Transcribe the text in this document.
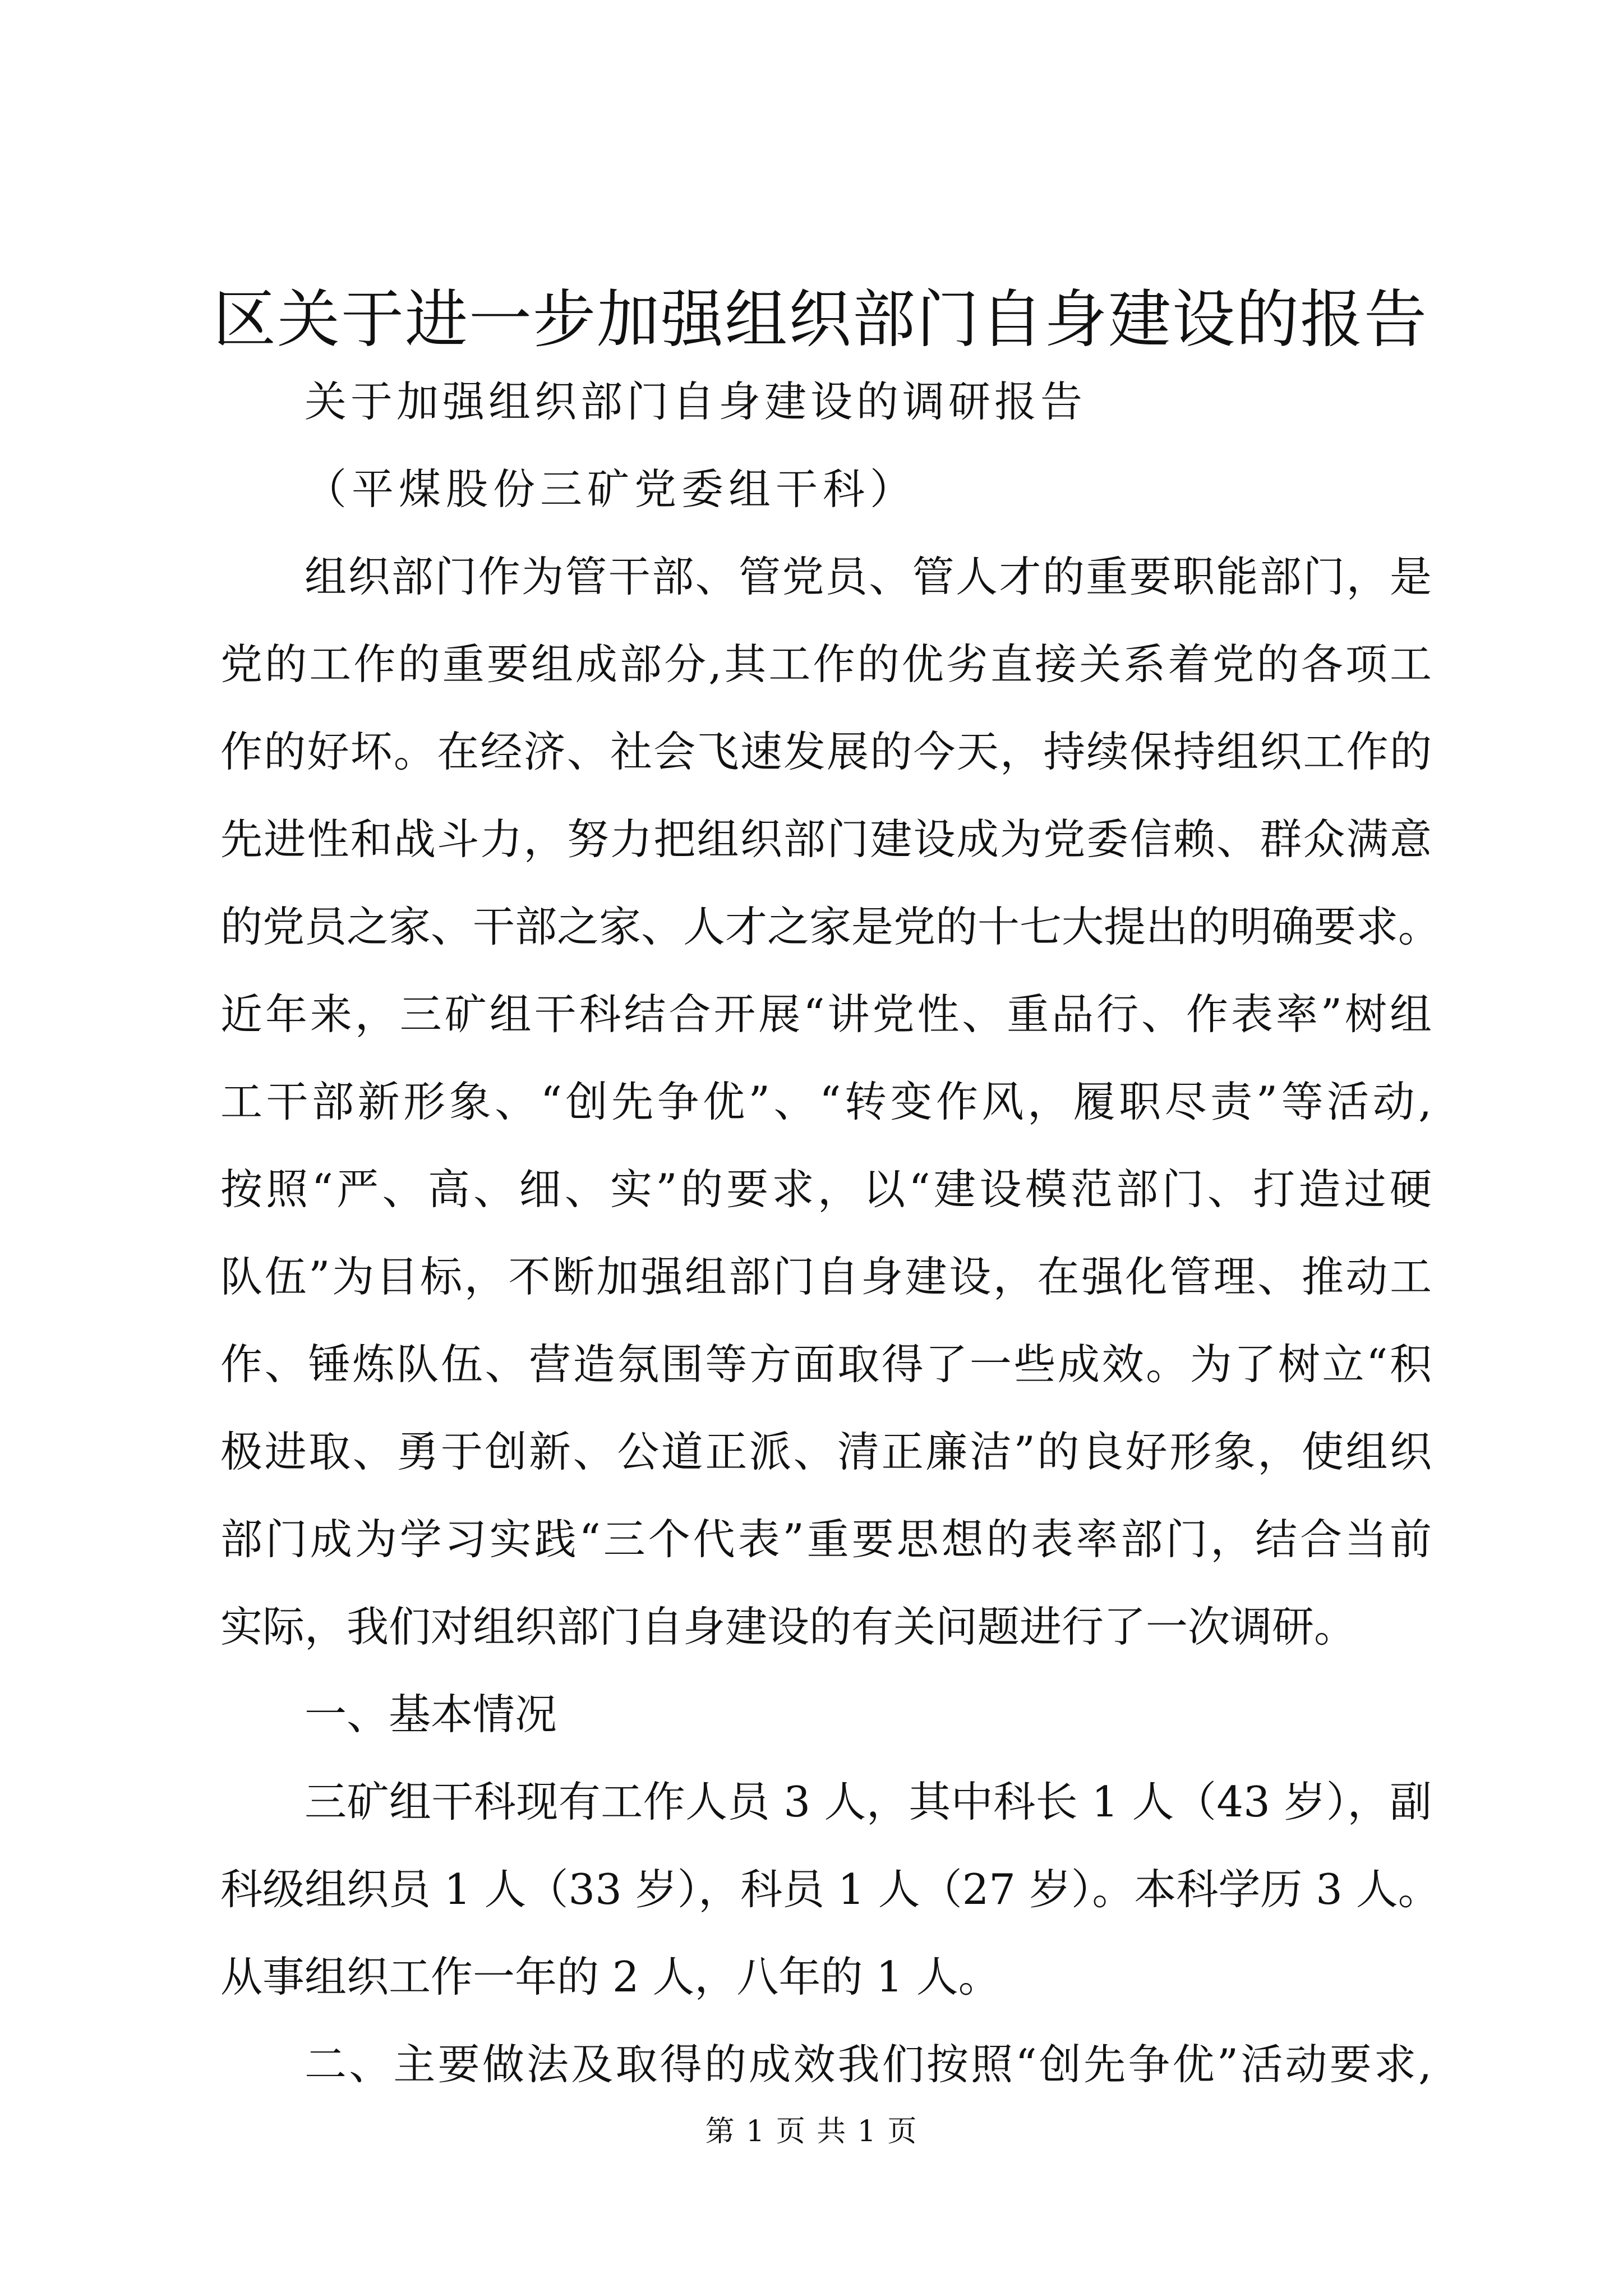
区关于进一步加强组织部门自身建设的报告
关于加强组织部门自身建设的调研报告
（平煤股份三矿党委组干科）
组织部门作为管干部、管党员、管人才的重要职能部门，是
党的工作的重要组成部分,其工作的优劣直接关系着党的各项工
作的好坏。在经济、社会飞速发展的今天，持续保持组织工作的
先进性和战斗力，努力把组织部门建设成为党委信赖、群众满意
的党员之家、干部之家、人才之家是党的十七大提出的明确要求。
近年来，三矿组干科结合开展“讲党性、重品行、作表率”树组
工干部新形象、“创先争优”、“转变作风，履职尽责”等活动,
按照“严、高、细、实”的要求，以“建设模范部门、打造过硬
队伍”为目标，不断加强组部门自身建设，在强化管理、推动工
作、锤炼队伍、营造氛围等方面取得了一些成效。为了树立“积
极进取、勇于创新、公道正派、清正廉洁”的良好形象，使组织
部门成为学习实践“三个代表”重要思想的表率部门，结合当前
实际，我们对组织部门自身建设的有关问题进行了一次调研。
一、基本情况
三矿组干科现有工作人员 3 人，其中科长 1 人（43 岁），副
科级组织员 1 人（33 岁），科员 1 人（27 岁）。本科学历 3 人。
从事组织工作一年的 2 人，八年的 1 人。
二、主要做法及取得的成效我们按照“创先争优”活动要求,
第 1 页 共 1 页
